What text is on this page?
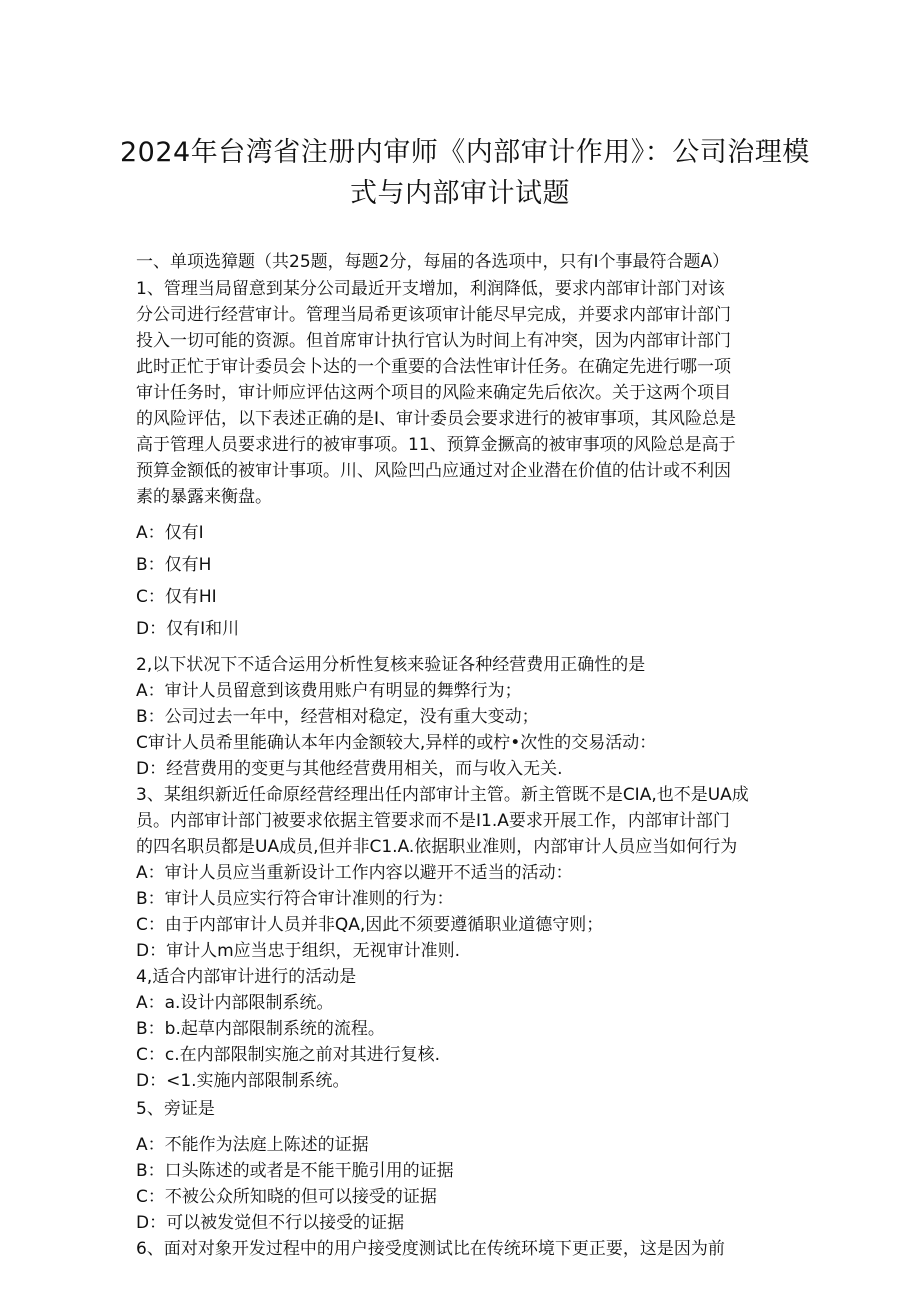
2024年台湾省注册内审师《内部审计作用》：公司治理模
式与内部审计试题
一、单项选獐题（共25题，每题2分，每届的各选项中，只有I个事最符合题A）
1、管理当局留意到某分公司最近开支增加，利润降低，要求内部审计部门对该
分公司进行经营审计。管理当局希更该项审计能尽早完成，并要求内部审计部门
投入一切可能的资源。但首席审计执行官认为时间上有冲突，因为内部审计部门
此时正忙于审计委员会卜达的一个重要的合法性审计任务。在确定先进行哪一项
审计任务时，审计师应评估这两个项目的风险来确定先后依次。关于这两个项目
的风险评估，以下表述正确的是I、审计委员会要求进行的被审事项，其风险总是
高于管理人员要求进行的被审事项。11、预算金撅高的被审事项的风险总是高于
预算金额低的被审计事项。川、风险凹凸应通过对企业潜在价值的估计或不利因
素的暴露来衡盘。
A：仅有I
B：仅有H
C：仅有HI
D：仅有I和川
2,以下状况下不适合运用分析性复核来验证各种经营费用正确性的是
A：审计人员留意到该费用账户有明显的舞弊行为；
B：公司过去一年中，经营相对稳定，没有重大变动；
C审计人员希里能确认本年内金额较大,异样的或柠•次性的交易活动：
D：经营费用的变更与其他经营费用相关，而与收入无关.
3、某组织新近任命原经营经理出任内部审计主管。新主管既不是CIA,也不是UA成
员。内部审计部门被要求依据主管要求而不是I1.A要求开展工作，内部审计部门
的四名职员都是UA成员,但并非C1.A.依据职业准则，内部审计人员应当如何行为
A：审计人员应当重新设计工作内容以避开不适当的活动：
B：审计人员应实行符合审计准则的行为：
C：由于内部审计人员并非QA,因此不须要遵循职业道德守则；
D：审计人m应当忠于组织，无视审计准则.
4,适合内部审计进行的活动是
A：a.设计内部限制系统。
B：b.起草内部限制系统的流程。
C：c.在内部限制实施之前对其进行复核.
D：<1.实施内部限制系统。
5、旁证是
A：不能作为法庭上陈述的证据
B：口头陈述的或者是不能干脆引用的证据
C：不被公众所知晓的但可以接受的证据
D：可以被发觉但不行以接受的证据
6、面对对象开发过程中的用户接受度测试比在传统环境下更正要，这是因为前
